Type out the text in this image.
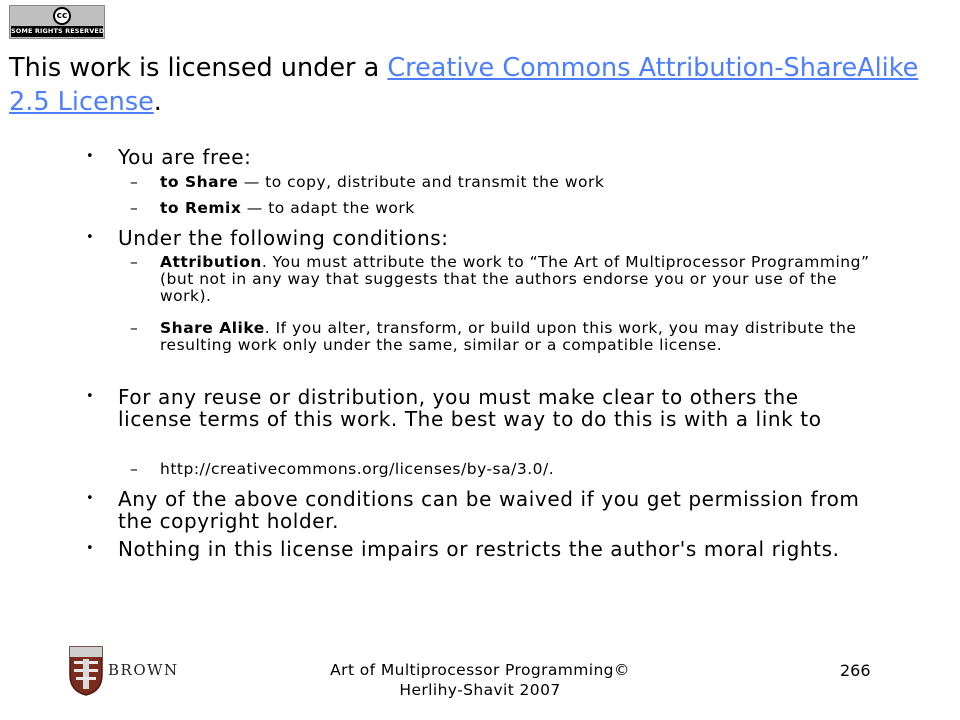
cc
SOME RIGHTS RESERVED
This work is licensed under a Creative Commons Attribution-ShareAlike 2.5 License.
• You are free:
– to Share — to copy, distribute and transmit the work
– to Remix — to adapt the work
• Under the following conditions:
– Attribution. You must attribute the work to “The Art of Multiprocessor Programming” (but not in any way that suggests that the authors endorse you or your use of the work).
– Share Alike. If you alter, transform, or build upon this work, you may distribute the resulting work only under the same, similar or a compatible license.
• For any reuse or distribution, you must make clear to others the license terms of this work. The best way to do this is with a link to
– http://creativecommons.org/licenses/by-sa/3.0/.
• Any of the above conditions can be waived if you get permission from the copyright holder.
• Nothing in this license impairs or restricts the author's moral rights.
BROWN	Art of Multiprocessor Programming© Herlihy-Shavit 2007
266
